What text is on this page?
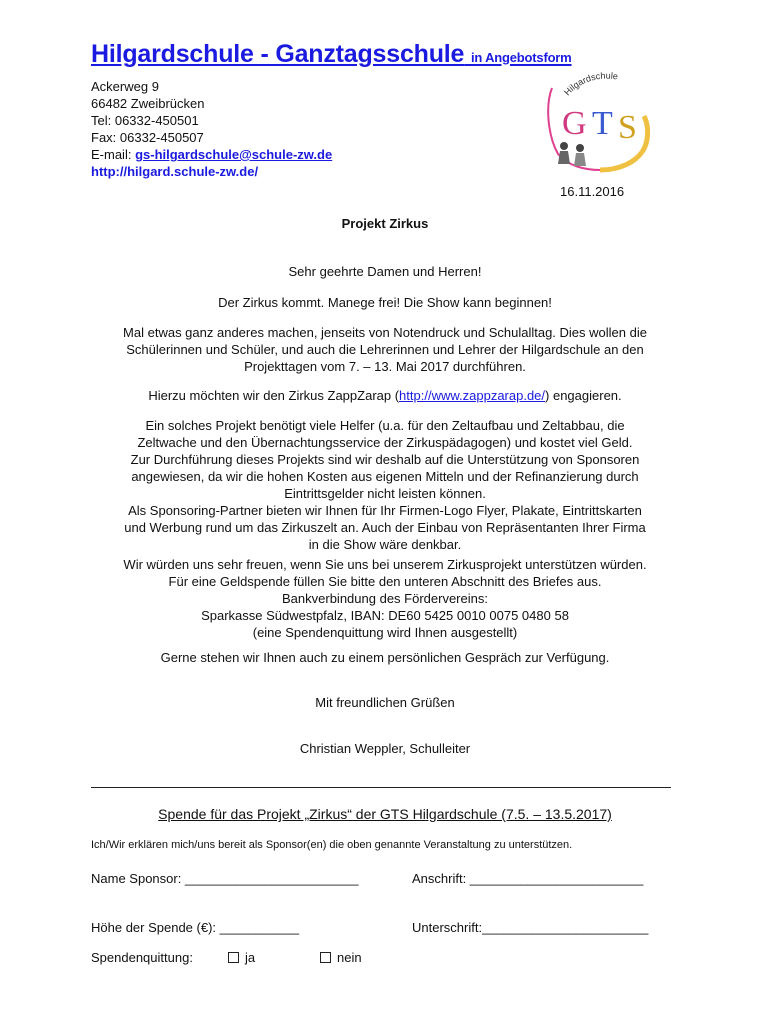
Hilgardschule - Ganztagsschule in Angebotsform
Ackerweg 9
66482 Zweibrücken
Tel: 06332-450501
Fax: 06332-450507
E-mail: gs-hilgardschule@schule-zw.de
http://hilgard.schule-zw.de/
Hilgardschule
G T S
16.11.2016
Projekt Zirkus
Sehr geehrte Damen und Herren!
Der Zirkus kommt. Manege frei! Die Show kann beginnen!
Mal etwas ganz anderes machen, jenseits von Notendruck und Schulalltag. Dies wollen die
Schülerinnen und Schüler, und auch die Lehrerinnen und Lehrer der Hilgardschule an den
Projekttagen vom 7. – 13. Mai 2017 durchführen.
Hierzu möchten wir den Zirkus ZappZarap (http://www.zappzarap.de/) engagieren.
Ein solches Projekt benötigt viele Helfer (u.a. für den Zeltaufbau und Zeltabbau, die
Zeltwache und den Übernachtungsservice der Zirkuspädagogen) und kostet viel Geld.
Zur Durchführung dieses Projekts sind wir deshalb auf die Unterstützung von Sponsoren
angewiesen, da wir die hohen Kosten aus eigenen Mitteln und der Refinanzierung durch
Eintrittsgelder nicht leisten können.
Als Sponsoring-Partner bieten wir Ihnen für Ihr Firmen-Logo Flyer, Plakate, Eintrittskarten
und Werbung rund um das Zirkuszelt an. Auch der Einbau von Repräsentanten Ihrer Firma
in die Show wäre denkbar.
Wir würden uns sehr freuen, wenn Sie uns bei unserem Zirkusprojekt unterstützen würden.
Für eine Geldspende füllen Sie bitte den unteren Abschnitt des Briefes aus.
Bankverbindung des Fördervereins:
Sparkasse Südwestpfalz, IBAN: DE60 5425 0010 0075 0480 58
(eine Spendenquittung wird Ihnen ausgestellt)
Gerne stehen wir Ihnen auch zu einem persönlichen Gespräch zur Verfügung.
Mit freundlichen Grüßen
Christian Weppler, Schulleiter
Spende für das Projekt „Zirkus“ der GTS Hilgardschule (7.5. – 13.5.2017)
Ich/Wir erklären mich/uns bereit als Sponsor(en) die oben genannte Veranstaltung zu unterstützen.
Name Sponsor: ________________________	Anschrift: ________________________
Höhe der Spende (€): ___________	Unterschrift:_______________________
Spendenquittung:	ja	nein
